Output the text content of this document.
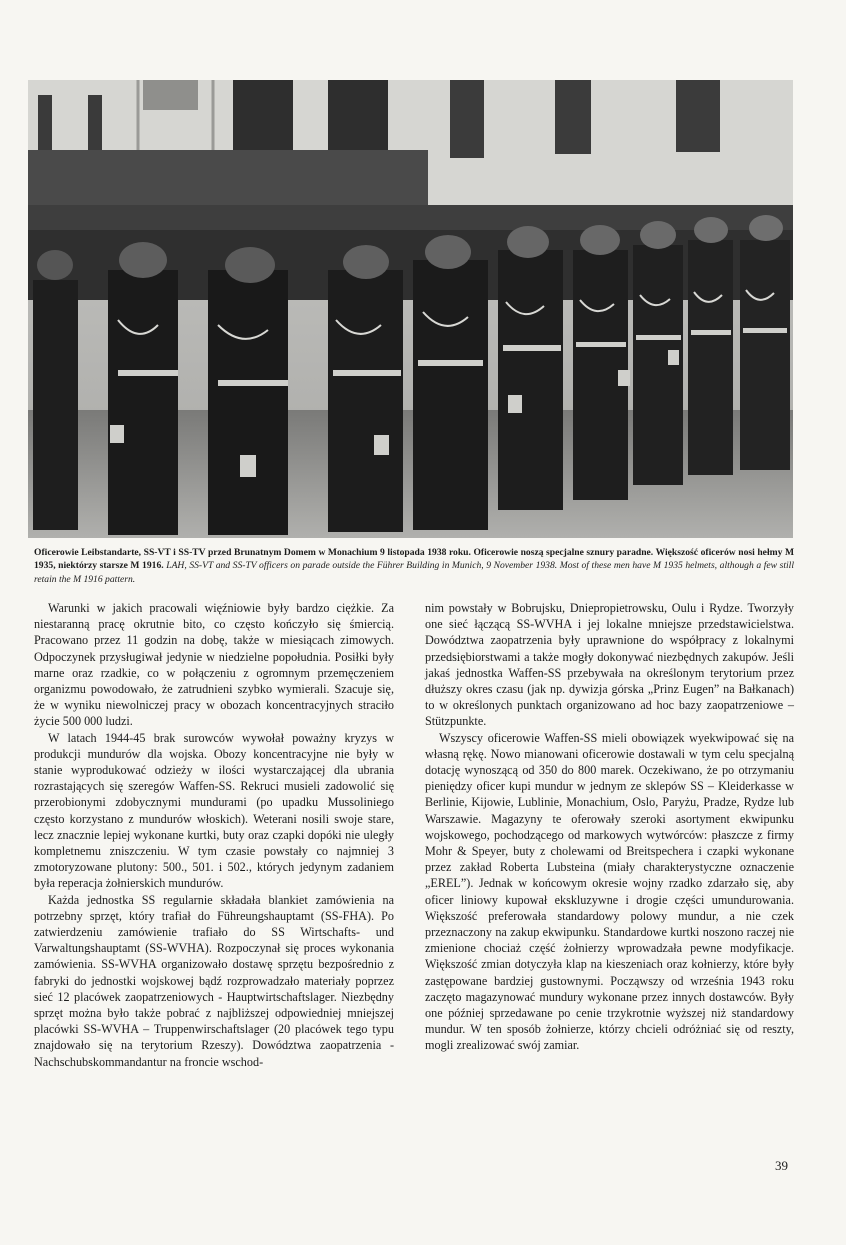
Oficerowie Leibstandarte, SS-VT i SS-TV przed Brunatnym Domem w Monachium 9 listopada 1938 roku. Oficerowie noszą specjalne sznury paradne. Większość oficerów nosi hełmy M 1935, niektórzy starsze M 1916. LAH, SS-VT and SS-TV officers on parade outside the Führer Building in Munich, 9 November 1938. Most of these men have M 1935 helmets, although a few still retain the M 1916 pattern.

Warunki w jakich pracowali więźniowie były bardzo ciężkie. Za niestaranną pracę okrutnie bito, co często kończyło się śmiercią. Pracowano przez 11 godzin na dobę, także w miesiącach zimowych. Odpoczynek przysługiwał jedynie w niedzielne popołudnia. Posiłki były marne oraz rzadkie, co w połączeniu z ogromnym przemęczeniem organizmu powodowało, że zatrudnieni szybko wymierali. Szacuje się, że w wyniku niewolniczej pracy w obozach koncentracyjnych straciło życie 500 000 ludzi.

W latach 1944-45 brak surowców wywołał poważny kryzys w produkcji mundurów dla wojska. Obozy koncentracyjne nie były w stanie wyprodukować odzieży w ilości wystarczającej dla ubrania rozrastających się szeregów Waffen-SS. Rekruci musieli zadowolić się przerobionymi zdobycznymi mundurami (po upadku Mussoliniego często korzystano z mundurów włoskich). Weterani nosili swoje stare, lecz znacznie lepiej wykonane kurtki, buty oraz czapki dopóki nie uległy kompletnemu zniszczeniu. W tym czasie powstały co najmniej 3 zmotoryzowane plutony: 500., 501. i 502., których jedynym zadaniem była reperacja żołnierskich mundurów.

Każda jednostka SS regularnie składała blankiet zamówienia na potrzebny sprzęt, który trafiał do Führeungshauptamt (SS-FHA). Po zatwierdzeniu zamówienie trafiało do SS Wirtschafts- und Varwaltungshauptamt (SS-WVHA). Rozpoczynał się proces wykonania zamówienia. SS-WVHA organizowało dostawę sprzętu bezpośrednio z fabryki do jednostki wojskowej bądź rozprowadzało materiały poprzez sieć 12 placówek zaopatrzeniowych - Hauptwirtschaftslager. Niezbędny sprzęt można było także pobrać z najbliższej odpowiedniej mniejszej placówki SS-WVHA – Truppenwirschaftslager (20 placówek tego typu znajdowało się na terytorium Rzeszy). Dowództwa zaopatrzenia - Nachschubskommandantur na froncie wschod-

nim powstały w Bobrujsku, Dniepropietrowsku, Oulu i Rydze. Tworzyły one sieć łączącą SS-WVHA i jej lokalne mniejsze przedstawicielstwa. Dowództwa zaopatrzenia były uprawnione do współpracy z lokalnymi przedsiębiorstwami a także mogły dokonywać niezbędnych zakupów. Jeśli jakaś jednostka Waffen-SS przebywała na określonym terytorium przez dłuższy okres czasu (jak np. dywizja górska „Prinz Eugen” na Bałkanach) to w określonych punktach organizowano ad hoc bazy zaopatrzeniowe – Stützpunkte.

Wszyscy oficerowie Waffen-SS mieli obowiązek wyekwipować się na własną rękę. Nowo mianowani oficerowie dostawali w tym celu specjalną dotację wynoszącą od 350 do 800 marek. Oczekiwano, że po otrzymaniu pieniędzy oficer kupi mundur w jednym ze sklepów SS – Kleiderkasse w Berlinie, Kijowie, Lublinie, Monachium, Oslo, Paryżu, Pradze, Rydze lub Warszawie. Magazyny te oferowały szeroki asortyment ekwipunku wojskowego, pochodzącego od markowych wytwórców: płaszcze z firmy Mohr & Speyer, buty z cholewami od Breitspechera i czapki wykonane przez zakład Roberta Lubsteina (miały charakterystyczne oznaczenie „EREL”). Jednak w końcowym okresie wojny rzadko zdarzało się, aby oficer liniowy kupował ekskluzywne i drogie części umundurowania. Większość preferowała standardowy polowy mundur, a nie czek przeznaczony na zakup ekwipunku. Standardowe kurtki noszono raczej nie zmienione chociaż część żołnierzy wprowadzała pewne modyfikacje. Większość zmian dotyczyła klap na kieszeniach oraz kołnierzy, które były zastępowane bardziej gustownymi. Począwszy od września 1943 roku zaczęto magazynować mundury wykonane przez innych dostawców. Były one później sprzedawane po cenie trzykrotnie wyższej niż standardowy mundur. W ten sposób żołnierze, którzy chcieli odróżniać się od reszty, mogli zrealizować swój zamiar.

39
